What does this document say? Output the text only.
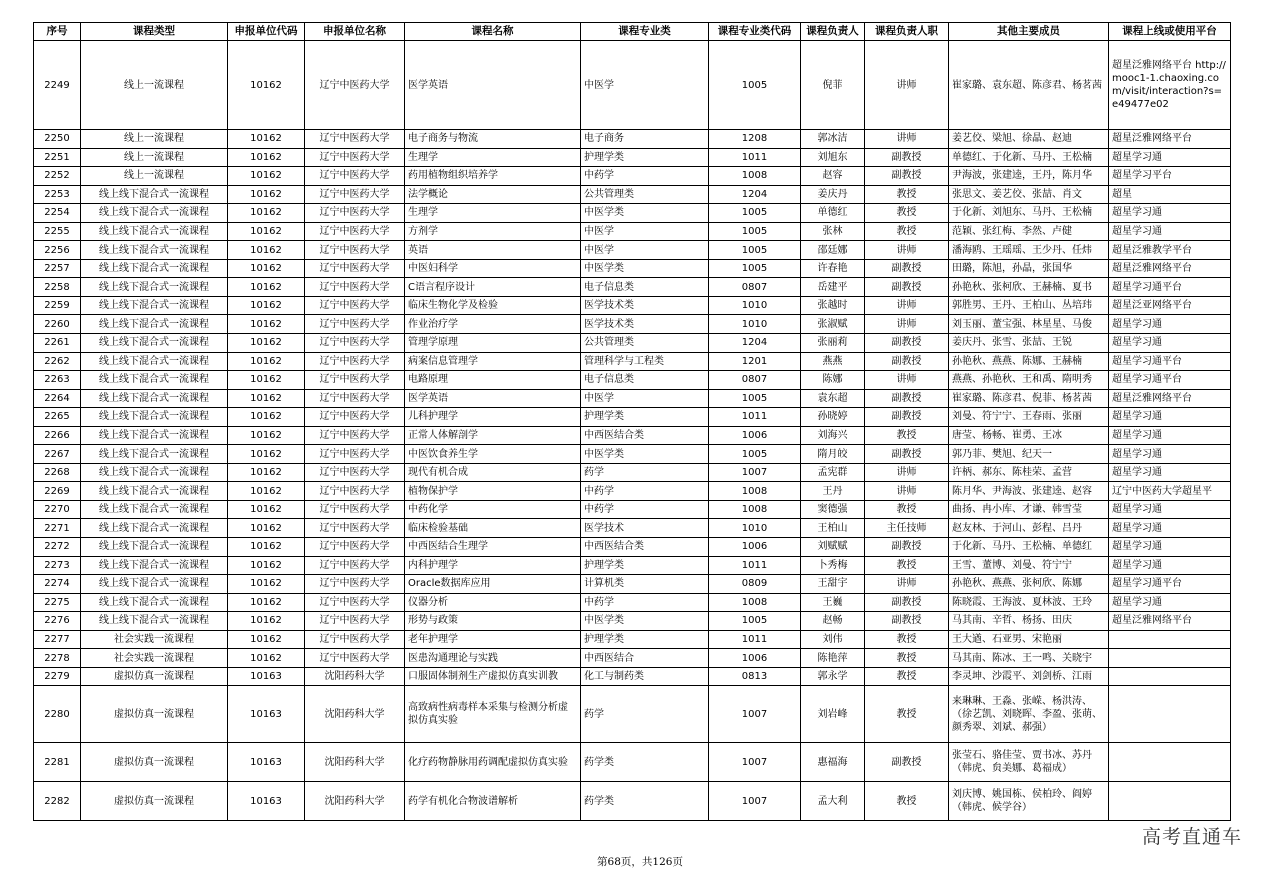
序号	课程类型	申报单位代码	申报单位名称	课程名称	课程专业类	课程专业类代码	课程负责人	课程负责人职	其他主要成员	课程上线或使用平台
2249	线上一流课程	10162	辽宁中医药大学	医学英语	中医学	1005	倪菲	讲师	崔家璐、袁东超、陈彦君、杨茗茜	超星泛雅网络平台 http://mooc1-1.chaoxing.com/visit/interaction?s=e49477e02
2250	线上一流课程	10162	辽宁中医药大学	电子商务与物流	电子商务	1208	郭冰洁	讲师	姜艺佼、梁旭、徐晶、赵迪	超星泛雅网络平台
2251	线上一流课程	10162	辽宁中医药大学	生理学	护理学类	1011	刘旭东	副教授	单德红、于化新、马丹、王松楠	超星学习通
2252	线上一流课程	10162	辽宁中医药大学	药用植物组织培养学	中药学	1008	赵容	副教授	尹海波，张建逵，王丹，陈月华	超星学习平台
2253	线上线下混合式一流课程	10162	辽宁中医药大学	法学概论	公共管理类	1204	姜庆丹	教授	张思文、姜艺佼、张喆、肖文	超星
2254	线上线下混合式一流课程	10162	辽宁中医药大学	生理学	中医学类	1005	单德红	教授	于化新、刘旭东、马丹、王松楠	超星学习通
2255	线上线下混合式一流课程	10162	辽宁中医药大学	方剂学	中医学	1005	张林	教授	范颖、张红梅、李然、卢健	超星学习通
2256	线上线下混合式一流课程	10162	辽宁中医药大学	英语	中医学	1005	邵廷娜	讲师	潘海鸥、王瑶瑶、王少丹、任炜	超星泛雅教学平台
2257	线上线下混合式一流课程	10162	辽宁中医药大学	中医妇科学	中医学类	1005	许春艳	副教授	田璐，陈旭，孙晶，张国华	超星泛雅网络平台
2258	线上线下混合式一流课程	10162	辽宁中医药大学	C语言程序设计	电子信息类	0807	岳建平	副教授	孙艳秋、张柯欣、王赫楠、夏书	超星学习通平台
2259	线上线下混合式一流课程	10162	辽宁中医药大学	临床生物化学及检验	医学技术类	1010	张越时	讲师	郭胜男、王丹、王柏山、丛培玮	超星泛亚网络平台
2260	线上线下混合式一流课程	10162	辽宁中医药大学	作业治疗学	医学技术类	1010	张淑赋	讲师	刘玉丽、董宝强、林星星、马俊	超星学习通
2261	线上线下混合式一流课程	10162	辽宁中医药大学	管理学原理	公共管理类	1204	张丽莉	副教授	姜庆丹、张雪、张喆、王锐	超星学习通
2262	线上线下混合式一流课程	10162	辽宁中医药大学	病案信息管理学	管理科学与工程类	1201	燕燕	副教授	孙艳秋、燕燕、陈娜、王赫楠	超星学习通平台
2263	线上线下混合式一流课程	10162	辽宁中医药大学	电路原理	电子信息类	0807	陈娜	讲师	燕燕、孙艳秋、王和禹、隋明秀	超星学习通平台
2264	线上线下混合式一流课程	10162	辽宁中医药大学	医学英语	中医学	1005	袁东超	副教授	崔家璐、陈彦君、倪菲、杨茗茜	超星泛雅网络平台
2265	线上线下混合式一流课程	10162	辽宁中医药大学	儿科护理学	护理学类	1011	孙晓婷	副教授	刘曼、符宁宁、王春雨、张丽	超星学习通
2266	线上线下混合式一流课程	10162	辽宁中医药大学	正常人体解剖学	中西医结合类	1006	刘海兴	教授	唐莹、杨畅、崔勇、王冰	超星学习通
2267	线上线下混合式一流课程	10162	辽宁中医药大学	中医饮食养生学	中医学类	1005	隋月皎	副教授	郭乃菲、樊旭、纪天一	超星学习通
2268	线上线下混合式一流课程	10162	辽宁中医药大学	现代有机合成	药学	1007	孟宪群	讲师	许柄、郝东、陈桂荣、孟营	超星学习通
2269	线上线下混合式一流课程	10162	辽宁中医药大学	植物保护学	中药学	1008	王丹	讲师	陈月华、尹海波、张建逵、赵容	辽宁中医药大学超星平
2270	线上线下混合式一流课程	10162	辽宁中医药大学	中药化学	中药学	1008	窦德强	教授	曲扬、冉小库、才谦、韩雪莹	超星学习通
2271	线上线下混合式一流课程	10162	辽宁中医药大学	临床检验基础	医学技术	1010	王柏山	主任技师	赵友林、于河山、彭程、吕丹	超星学习通
2272	线上线下混合式一流课程	10162	辽宁中医药大学	中西医结合生理学	中西医结合类	1006	刘赋赋	副教授	于化新、马丹、王松楠、单德红	超星学习通
2273	线上线下混合式一流课程	10162	辽宁中医药大学	内科护理学	护理学类	1011	卜秀梅	教授	王雪、董博、刘曼、符宁宁	超星学习通
2274	线上线下混合式一流课程	10162	辽宁中医药大学	Oracle数据库应用	计算机类	0809	王甜宇	讲师	孙艳秋、燕燕、张柯欣、陈娜	超星学习通平台
2275	线上线下混合式一流课程	10162	辽宁中医药大学	仪器分析	中药学	1008	王巍	副教授	陈晓霞、王海波、夏林波、王玲	超星学习通
2276	线上线下混合式一流课程	10162	辽宁中医药大学	形势与政策	中医学类	1005	赵畅	副教授	马其南、辛哲、杨扬、田庆	超星泛雅网络平台
2277	社会实践一流课程	10162	辽宁中医药大学	老年护理学	护理学类	1011	刘伟	教授	王大遒、石亚男、宋艳丽	
2278	社会实践一流课程	10162	辽宁中医药大学	医患沟通理论与实践	中西医结合	1006	陈艳萍	教授	马其南、陈冰、王一鸣、关晓宇	
2279	虚拟仿真一流课程	10163	沈阳药科大学	口服固体制剂生产虚拟仿真实训教	化工与制药类	0813	郭永学	教授	李灵坤、沙霞平、刘剑桥、江雨	
2280	虚拟仿真一流课程	10163	沈阳药科大学	高致病性病毒样本采集与检测分析虚拟仿真实验	药学	1007	刘岩峰	教授	来琳琳、王淼、张嵘、杨洪涛、（徐艺凯、刘晓晖、李盈、张萌、颜秀翠、刘斌、郝强）	
2281	虚拟仿真一流课程	10163	沈阳药科大学	化疗药物静脉用药调配虚拟仿真实验	药学类	1007	惠福海	副教授	张莹石、骆佳莹、贾书冰、苏丹（韩虎、贠美娜、葛福成）	
2282	虚拟仿真一流课程	10163	沈阳药科大学	药学有机化合物波谱解析	药学类	1007	孟大利	教授	刘庆博、姚国栋、侯柏玲、阎婷（韩虎、候学谷）	
第68页，共126页
高考直通车
